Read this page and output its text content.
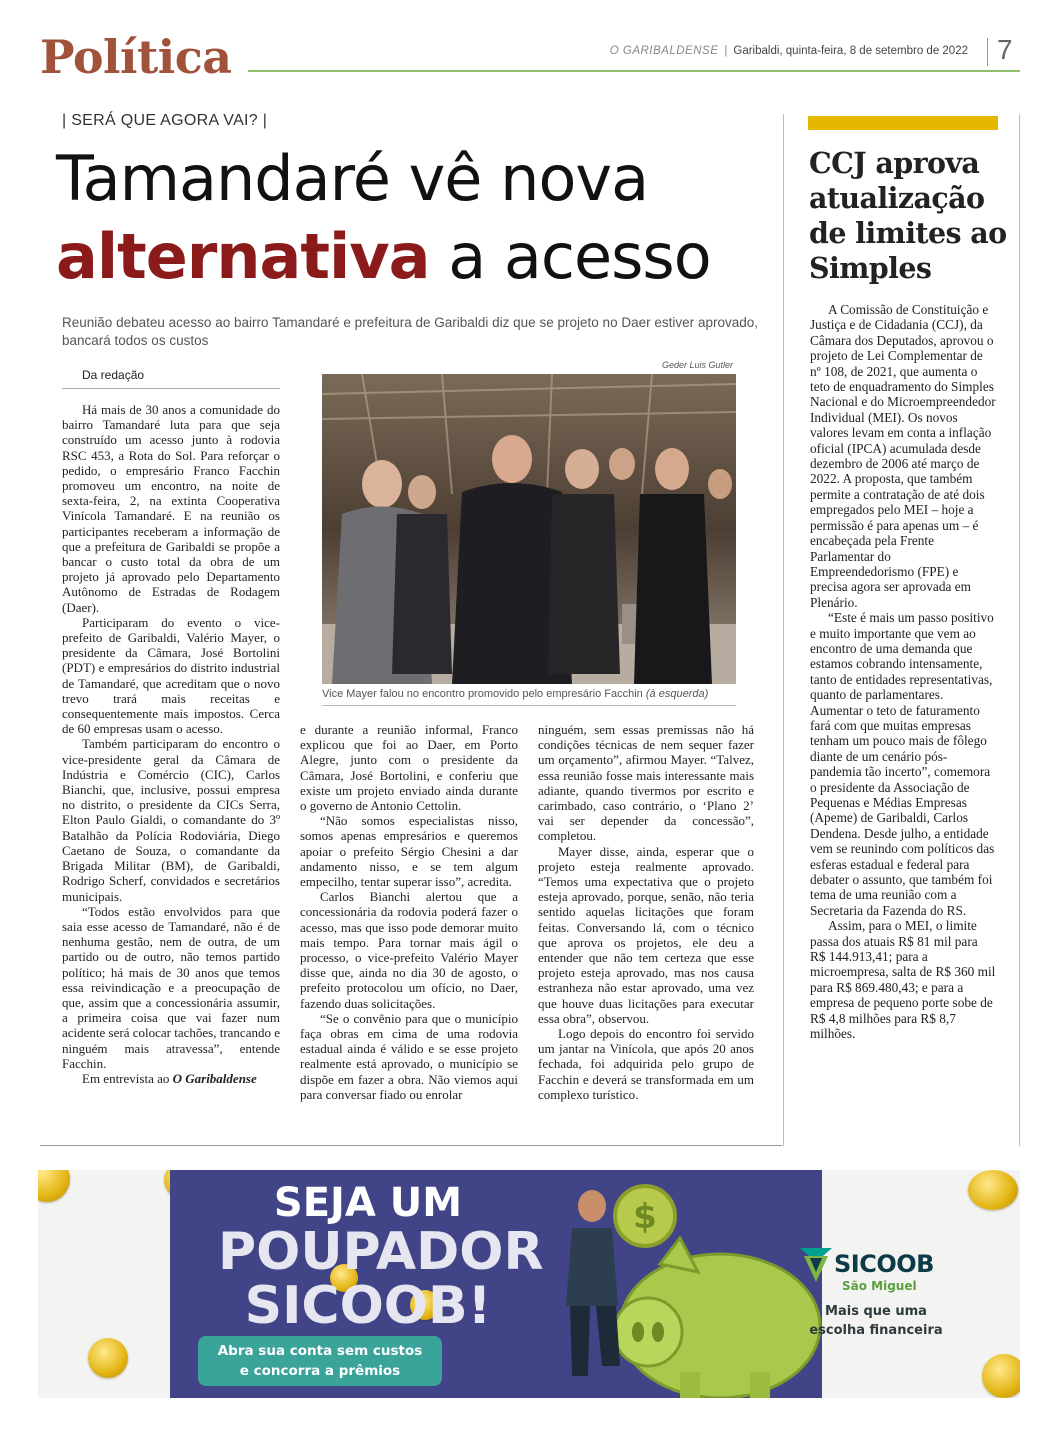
Política	O GARIBALDENSE | Garibaldi, quinta-feira, 8 de setembro de 2022 7
| SERÁ QUE AGORA VAI? |
Tamandaré vê nova
alternativa a acesso
Reunião debateu acesso ao bairro Tamandaré e prefeitura de Garibaldi diz que se projeto no Daer estiver aprovado, bancará todos os custos
Geder Luis Gutler
Da redação

Há mais de 30 anos a comunidade do bairro Tamandaré luta para que seja construído um acesso junto à rodovia RSC 453, a Rota do Sol. Para reforçar o pedido, o empresário Franco Facchin promoveu um encontro, na noite de sexta-feira, 2, na extinta Cooperativa Vinícola Tamandaré. E na reunião os participantes receberam a informação de que a prefeitura de Garibaldi se propõe a bancar o custo total da obra de um projeto já aprovado pelo Departamento Autônomo de Estradas de Rodagem (Daer).

Participaram do evento o vice-prefeito de Garibaldi, Valério Mayer, o presidente da Câmara, José Bortolini (PDT) e empresários do distrito industrial de Tamandaré, que acreditam que o novo trevo trará mais receitas e consequentemente mais impostos. Cerca de 60 empresas usam o acesso.

Também participaram do encontro o vice-presidente geral da Câmara de Indústria e Comércio (CIC), Carlos Bianchi, que, inclusive, possui empresa no distrito, o presidente da CICs Serra, Elton Paulo Gialdi, o comandante do 3º Batalhão da Polícia Rodoviária, Diego Caetano de Souza, o comandante da Brigada Militar (BM), de Garibaldi, Rodrigo Scherf, convidados e secretários municipais.

“Todos estão envolvidos para que saia esse acesso de Tamandaré, não é de nenhuma gestão, nem de outra, de um partido ou de outro, não temos partido político; há mais de 30 anos que temos essa reivindicação e a preocupação de que, assim que a concessionária assumir, a primeira coisa que vai fazer num acidente será colocar tachões, trancando e ninguém mais atravessa”, entende Facchin.

Em entrevista ao O Garibaldense

Vice Mayer falou no encontro promovido pelo empresário Facchin (à esquerda)

e durante a reunião informal, Franco explicou que foi ao Daer, em Porto Alegre, junto com o presidente da Câmara, José Bortolini, e conferiu que existe um projeto enviado ainda durante o governo de Antonio Cettolin.

“Não somos especialistas nisso, somos apenas empresários e queremos apoiar o prefeito Sérgio Chesini a dar andamento nisso, e se tem algum empecilho, tentar superar isso”, acredita.

Carlos Bianchi alertou que a concessionária da rodovia poderá fazer o acesso, mas que isso pode demorar muito mais tempo. Para tornar mais ágil o processo, o vice-prefeito Valério Mayer disse que, ainda no dia 30 de agosto, o prefeito protocolou um ofício, no Daer, fazendo duas solicitações.

“Se o convênio para que o município faça obras em cima de uma rodovia estadual ainda é válido e se esse projeto realmente está aprovado, o município se dispõe em fazer a obra. Não viemos aqui para conversar fiado ou enrolar

ninguém, sem essas premissas não há condições técnicas de nem sequer fazer um orçamento”, afirmou Mayer. “Talvez, essa reunião fosse mais interessante mais adiante, quando tivermos por escrito e carimbado, caso contrário, o ‘Plano 2’ vai ser depender da concessão”, completou.

Mayer disse, ainda, esperar que o projeto esteja realmente aprovado. “Temos uma expectativa que o projeto esteja aprovado, porque, senão, não teria sentido aquelas licitações que foram feitas. Conversando lá, com o técnico que aprova os projetos, ele deu a entender que não tem certeza que esse projeto esteja aprovado, mas nos causa estranheza não estar aprovado, uma vez que houve duas licitações para executar essa obra”, observou.

Logo depois do encontro foi servido um jantar na Vinícola, que após 20 anos fechada, foi adquirida pelo grupo de Facchin e deverá se transformada em um complexo turístico.

CCJ aprova atualização de limites ao Simples

A Comissão de Constituição e Justiça e de Cidadania (CCJ), da Câmara dos Deputados, aprovou o projeto de Lei Complementar de nº 108, de 2021, que aumenta o teto de enquadramento do Simples Nacional e do Microempreendedor Individual (MEI). Os novos valores levam em conta a inflação oficial (IPCA) acumulada desde dezembro de 2006 até março de 2022. A proposta, que também permite a contratação de até dois empregados pelo MEI – hoje a permissão é para apenas um – é encabeçada pela Frente Parlamentar do Empreendedorismo (FPE) e precisa agora ser aprovada em Plenário.

“Este é mais um passo positivo e muito importante que vem ao encontro de uma demanda que estamos cobrando intensamente, tanto de entidades representativas, quanto de parlamentares. Aumentar o teto de faturamento fará com que muitas empresas tenham um pouco mais de fôlego diante de um cenário pós-pandemia tão incerto”, comemora o presidente da Associação de Pequenas e Médias Empresas (Apeme) de Garibaldi, Carlos Dendena. Desde julho, a entidade vem se reunindo com políticos das esferas estadual e federal para debater o assunto, que também foi tema de uma reunião com a Secretaria da Fazenda do RS.

Assim, para o MEI, o limite passa dos atuais R$ 81 mil para R$ 144.913,41; para a microempresa, salta de R$ 360 mil para R$ 869.480,43; e para a empresa de pequeno porte sobe de R$ 4,8 milhões para R$ 8,7 milhões.

$
SEJA UM
POUPADOR
SICOOB!
Abra sua conta sem custos
e concorra a prêmios
SICOOB
São Miguel
Mais que uma
escolha financeira
